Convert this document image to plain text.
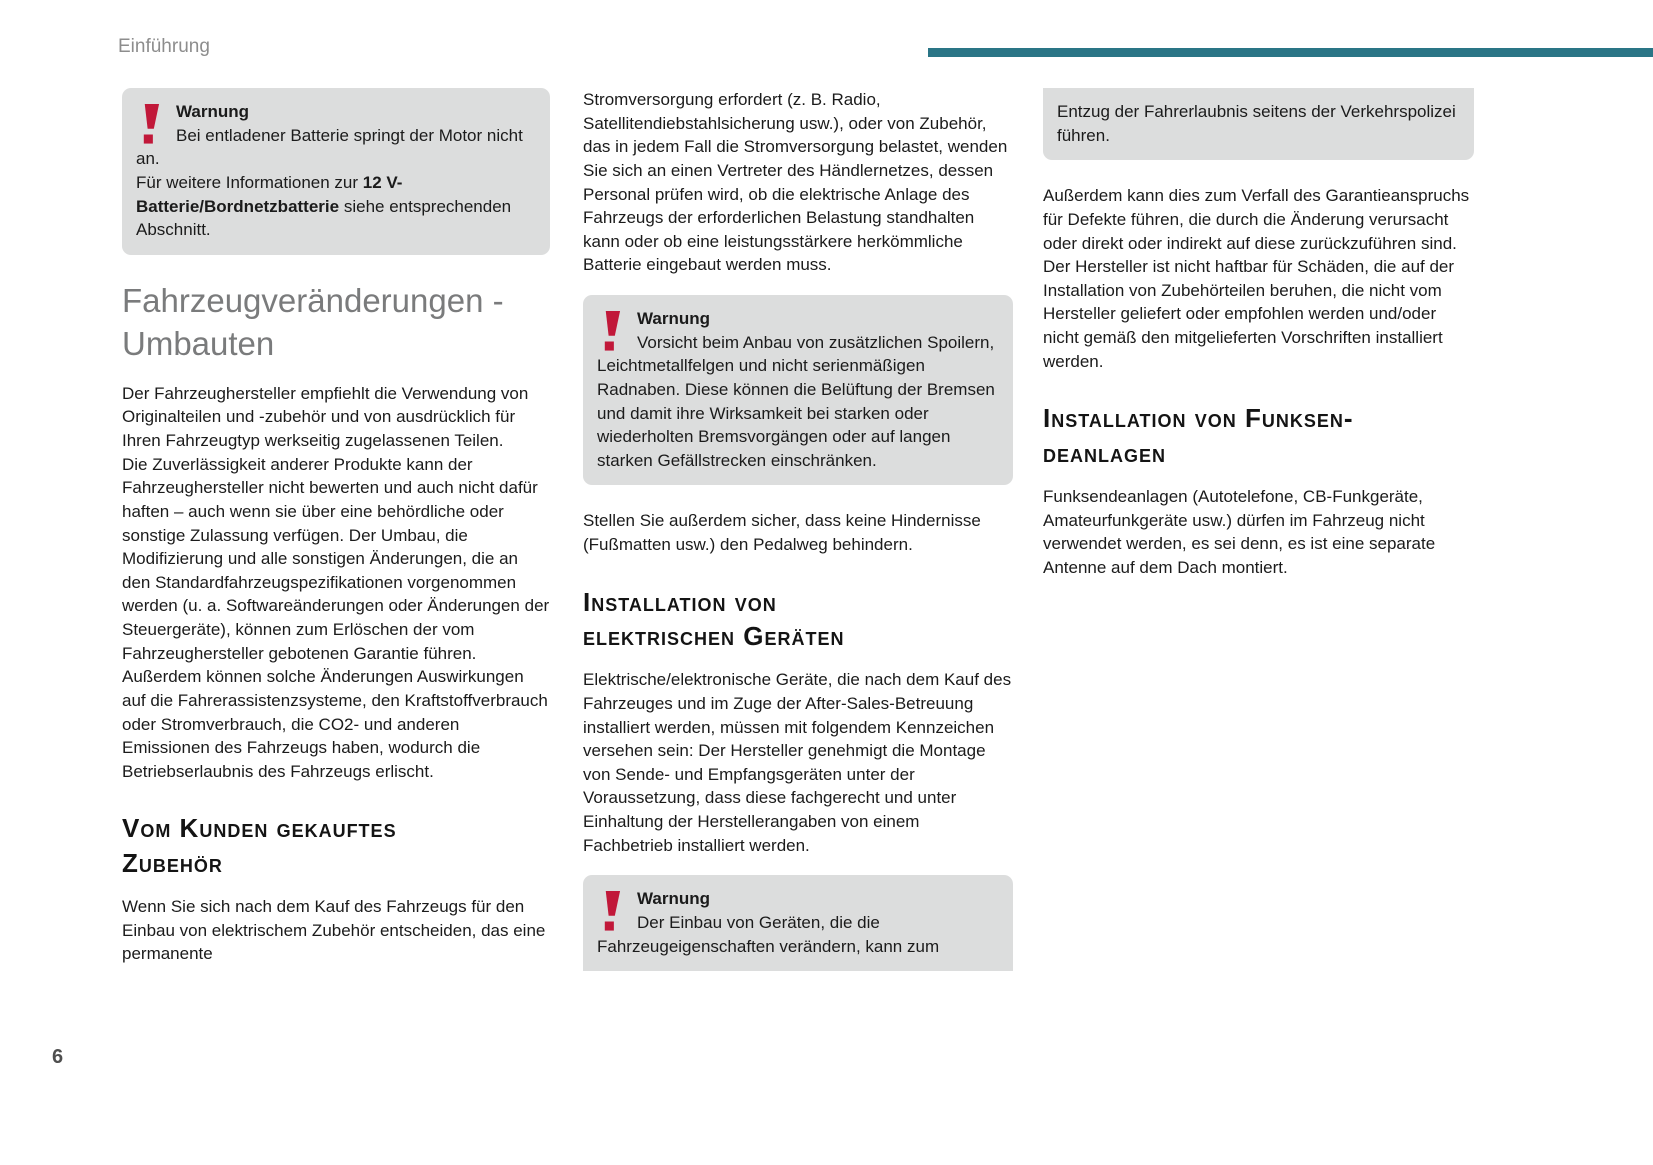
Einführung
Warnung

Bei entladener Batterie springt der Motor nicht an.

Für weitere Informationen zur 12 V-Batterie/Bordnetzbatterie siehe entsprechenden Abschnitt.

Fahrzeugveränderungen -
Umbauten

Der Fahrzeughersteller empfiehlt die Verwendung von Originalteilen und -zubehör und von ausdrücklich für Ihren Fahrzeugtyp werkseitig zugelassenen Teilen.

Die Zuverlässigkeit anderer Produkte kann der Fahrzeughersteller nicht bewerten und auch nicht dafür haften – auch wenn sie über eine behördliche oder sonstige Zulassung verfügen. Der Umbau, die Modifizierung und alle sonstigen Änderungen, die an den Standardfahrzeugspezifikationen vorgenommen werden (u. a. Softwareänderungen oder Änderungen der Steuergeräte), können zum Erlöschen der vom Fahrzeughersteller gebotenen Garantie führen. Außerdem können solche Änderungen Auswirkungen auf die Fahrerassistenzsysteme, den Kraftstoffverbrauch oder Stromverbrauch, die CO2- und anderen Emissionen des Fahrzeugs haben, wodurch die Betriebserlaubnis des Fahrzeugs erlischt.

Vom Kunden gekauftes
Zubehör

Wenn Sie sich nach dem Kauf des Fahrzeugs für den Einbau von elektrischem Zubehör entscheiden, das eine permanente

Stromversorgung erfordert (z. B. Radio, Satellitendiebstahlsicherung usw.), oder von Zubehör, das in jedem Fall die Stromversorgung belastet, wenden Sie sich an einen Vertreter des Händlernetzes, dessen Personal prüfen wird, ob die elektrische Anlage des Fahrzeugs der erforderlichen Belastung standhalten kann oder ob eine leistungsstärkere herkömmliche Batterie eingebaut werden muss.

Warnung

Vorsicht beim Anbau von zusätzlichen Spoilern, Leichtmetallfelgen und nicht serienmäßigen Radnaben. Diese können die Belüftung der Bremsen und damit ihre Wirksamkeit bei starken oder wiederholten Bremsvorgängen oder auf langen starken Gefällstrecken einschränken.

Stellen Sie außerdem sicher, dass keine Hindernisse (Fußmatten usw.) den Pedalweg behindern.

Installation von
elektrischen Geräten

Elektrische/elektronische Geräte, die nach dem Kauf des Fahrzeuges und im Zuge der After-Sales-Betreuung installiert werden, müssen mit folgendem Kennzeichen versehen sein: Der Hersteller genehmigt die Montage von Sende- und Empfangsgeräten unter der Voraussetzung, dass diese fachgerecht und unter Einhaltung der Herstellerangaben von einem Fachbetrieb installiert werden.

Warnung

Der Einbau von Geräten, die die Fahrzeugeigenschaften verändern, kann zum

Entzug der Fahrerlaubnis seitens der Verkehrspolizei führen.

Außerdem kann dies zum Verfall des Garantieanspruchs für Defekte führen, die durch die Änderung verursacht oder direkt oder indirekt auf diese zurückzuführen sind.

Der Hersteller ist nicht haftbar für Schäden, die auf der Installation von Zubehörteilen beruhen, die nicht vom Hersteller geliefert oder empfohlen werden und/oder nicht gemäß den mitgelieferten Vorschriften installiert werden.

Installation von Funksen-
deanlagen

Funksendeanlagen (Autotelefone, CB-Funkgeräte, Amateurfunkgeräte usw.) dürfen im Fahrzeug nicht verwendet werden, es sei denn, es ist eine separate Antenne auf dem Dach montiert.

6
